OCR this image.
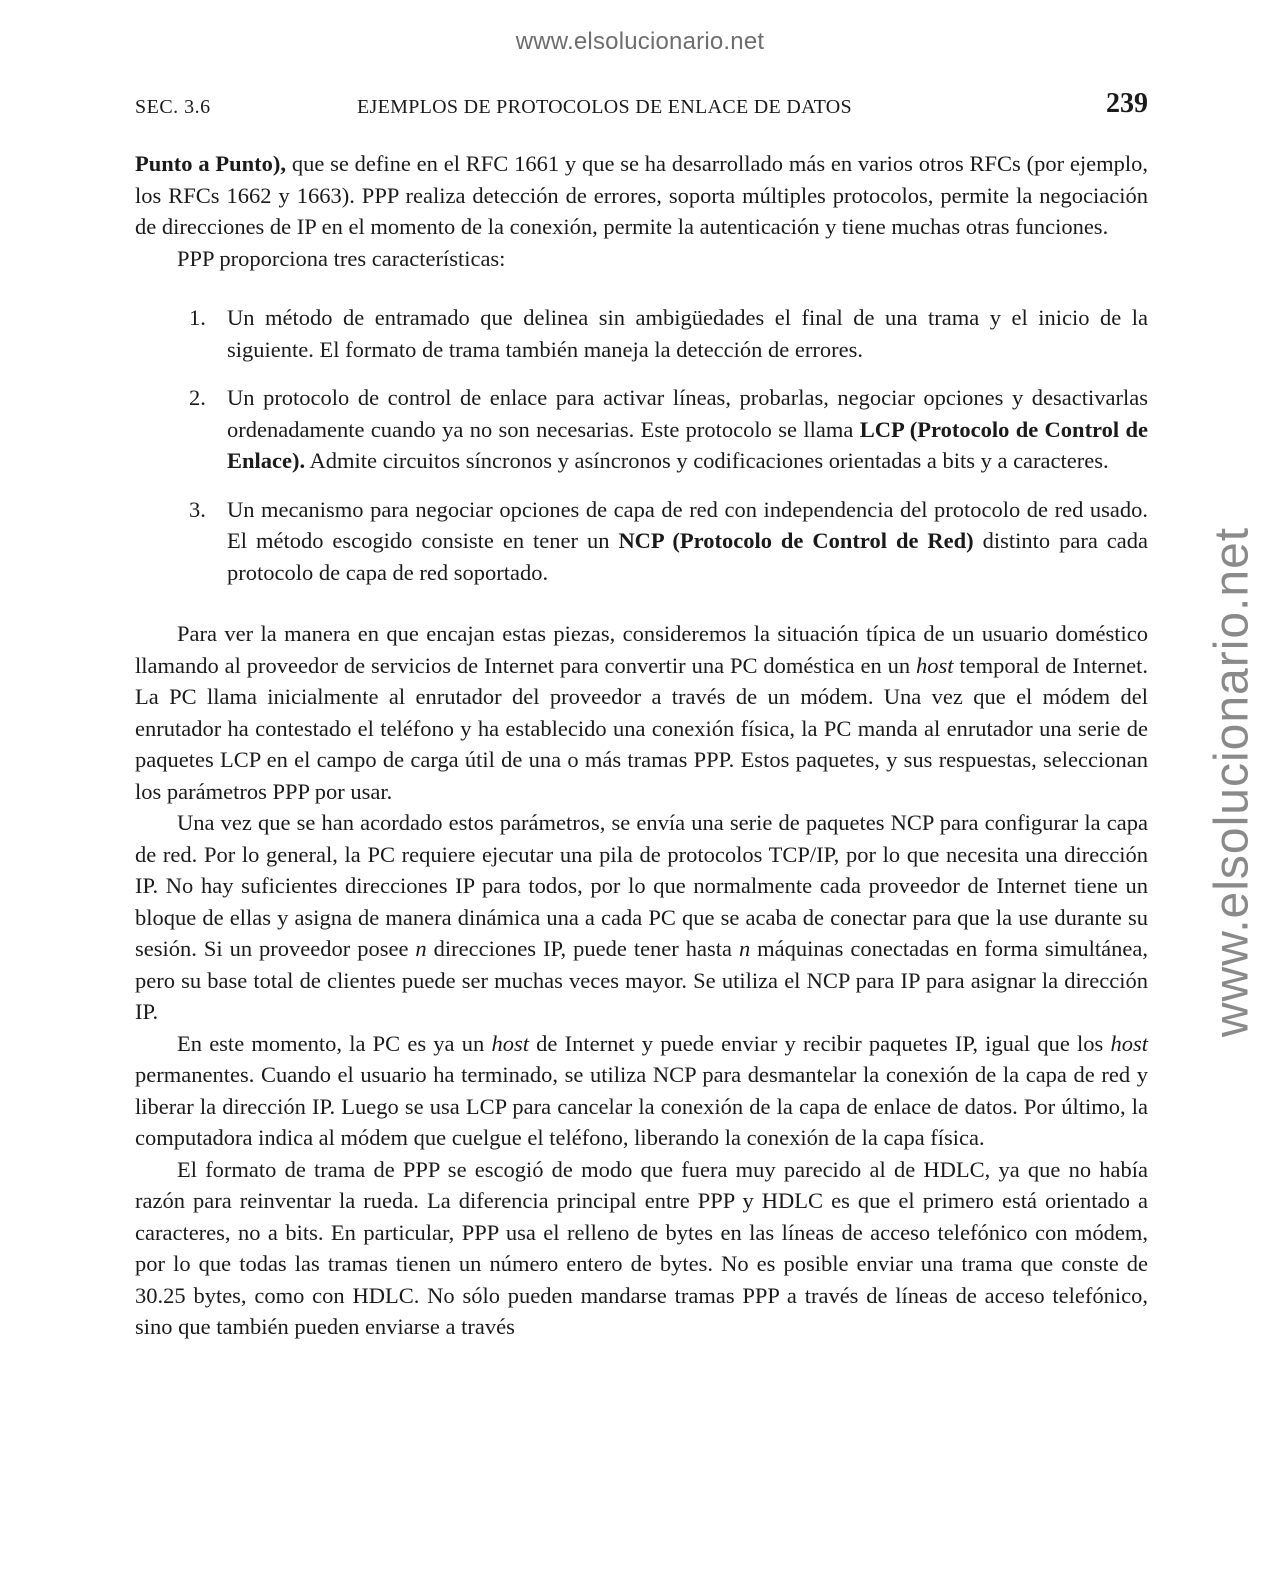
www.elsolucionario.net
www.elsolucionario.net
SEC. 3.6	EJEMPLOS DE PROTOCOLOS DE ENLACE DE DATOS	239

Punto a Punto), que se define en el RFC 1661 y que se ha desarrollado más en varios otros RFCs (por ejemplo, los RFCs 1662 y 1663). PPP realiza detección de errores, soporta múltiples protocolos, permite la negociación de direcciones de IP en el momento de la conexión, permite la autenticación y tiene muchas otras funciones.

PPP proporciona tres características:

1. Un método de entramado que delinea sin ambigüedades el final de una trama y el inicio de la siguiente. El formato de trama también maneja la detección de errores.
2. Un protocolo de control de enlace para activar líneas, probarlas, negociar opciones y desactivarlas ordenadamente cuando ya no son necesarias. Este protocolo se llama LCP (Protocolo de Control de Enlace). Admite circuitos síncronos y asíncronos y codificaciones orientadas a bits y a caracteres.
3. Un mecanismo para negociar opciones de capa de red con independencia del protocolo de red usado. El método escogido consiste en tener un NCP (Protocolo de Control de Red) distinto para cada protocolo de capa de red soportado.

Para ver la manera en que encajan estas piezas, consideremos la situación típica de un usuario doméstico llamando al proveedor de servicios de Internet para convertir una PC doméstica en un host temporal de Internet. La PC llama inicialmente al enrutador del proveedor a través de un módem. Una vez que el módem del enrutador ha contestado el teléfono y ha establecido una conexión física, la PC manda al enrutador una serie de paquetes LCP en el campo de carga útil de una o más tramas PPP. Estos paquetes, y sus respuestas, seleccionan los parámetros PPP por usar.

Una vez que se han acordado estos parámetros, se envía una serie de paquetes NCP para configurar la capa de red. Por lo general, la PC requiere ejecutar una pila de protocolos TCP/IP, por lo que necesita una dirección IP. No hay suficientes direcciones IP para todos, por lo que normalmente cada proveedor de Internet tiene un bloque de ellas y asigna de manera dinámica una a cada PC que se acaba de conectar para que la use durante su sesión. Si un proveedor posee n direcciones IP, puede tener hasta n máquinas conectadas en forma simultánea, pero su base total de clientes puede ser muchas veces mayor. Se utiliza el NCP para IP para asignar la dirección IP.

En este momento, la PC es ya un host de Internet y puede enviar y recibir paquetes IP, igual que los host permanentes. Cuando el usuario ha terminado, se utiliza NCP para desmantelar la conexión de la capa de red y liberar la dirección IP. Luego se usa LCP para cancelar la conexión de la capa de enlace de datos. Por último, la computadora indica al módem que cuelgue el teléfono, liberando la conexión de la capa física.

El formato de trama de PPP se escogió de modo que fuera muy parecido al de HDLC, ya que no había razón para reinventar la rueda. La diferencia principal entre PPP y HDLC es que el primero está orientado a caracteres, no a bits. En particular, PPP usa el relleno de bytes en las líneas de acceso telefónico con módem, por lo que todas las tramas tienen un número entero de bytes. No es posible enviar una trama que conste de 30.25 bytes, como con HDLC. No sólo pueden mandarse tramas PPP a través de líneas de acceso telefónico, sino que también pueden enviarse a través
